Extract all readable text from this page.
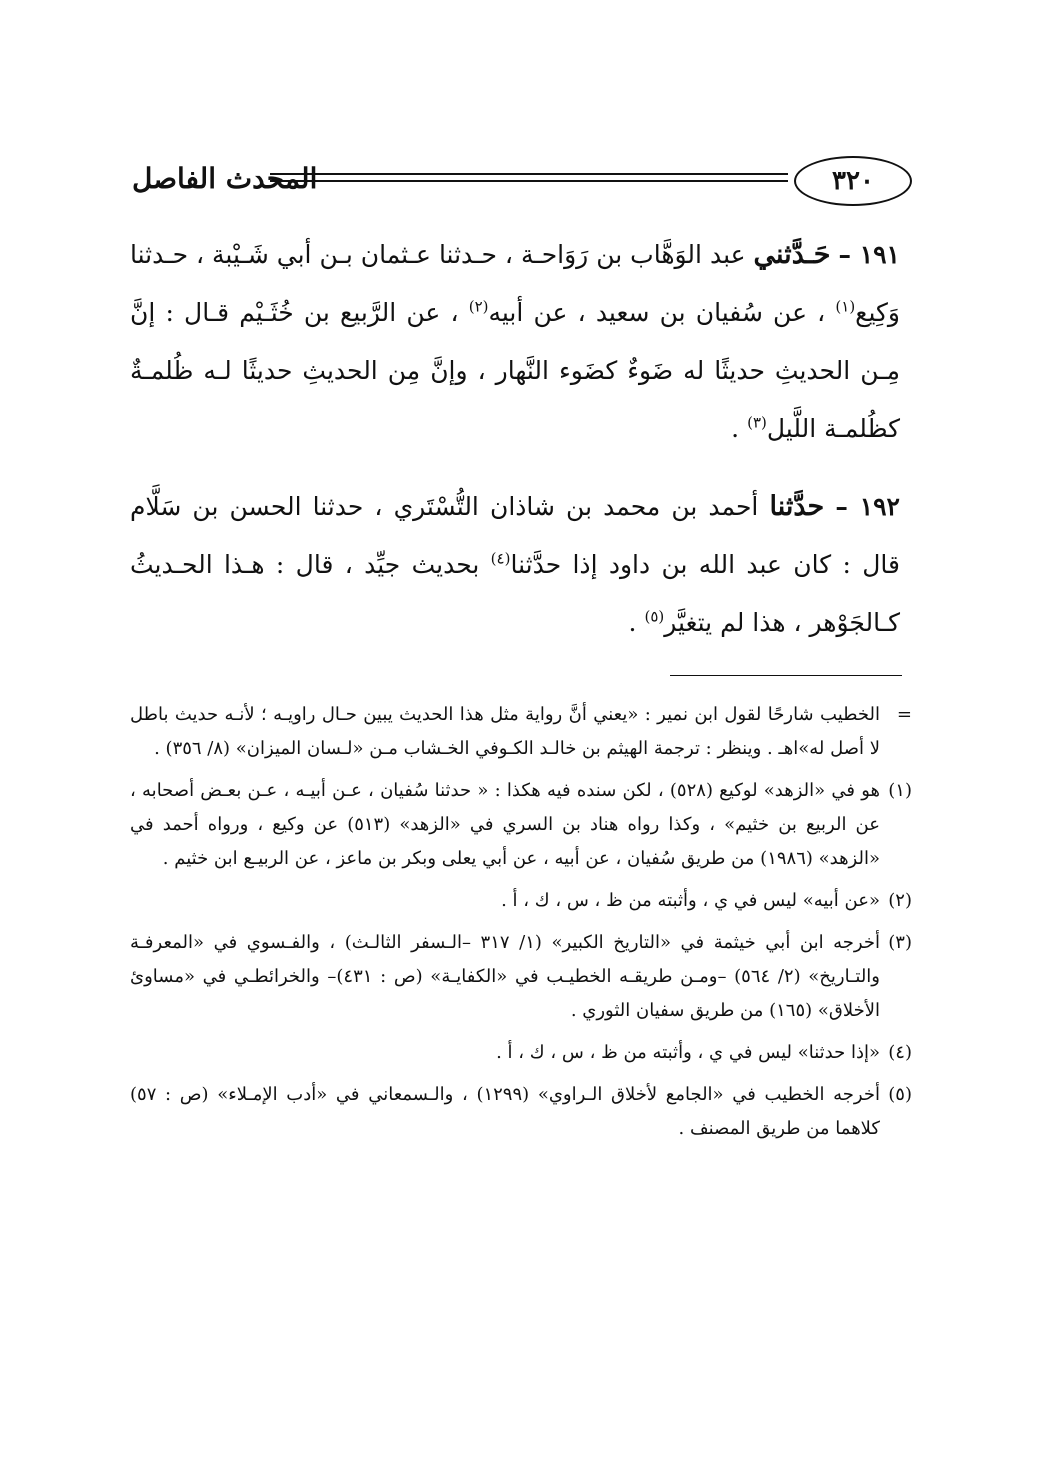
٣٢٠
المحدث الفاصل

١٩١ – حَـدَّثني عبد الوَهَّاب بن رَوَاحـة ، حـدثنا عـثمان بـن أبي شَـيْبة ، حـدثنا وَكِيع$^{(١)}$ ، عن سُفيان بن سعيد ، عن أبيه$^{(٢)}$ ، عن الرَّبيع بن خُثَـيْم قـال : إنَّ مِـن الحديثِ حديثًا له ضَوءٌ كضَوء النَّهار ، وإنَّ مِن الحديثِ حديثًا لـه ظُلمـةٌ كظُلمـة اللَّيل$^{(٣)}$ .

١٩٢ – حدَّثنا أحمد بن محمد بن شاذان التُّسْتَري ، حدثنا الحسن بن سَلَّام قال : كان عبد الله بن داود إذا حدَّثنا$^{(٤)}$ بحديث جيِّد ، قال : هـذا الحـديثُ كـالجَوْهر ، هذا لم يتغيَّر$^{(٥)}$ .

=
الخطيب شارحًا لقول ابن نمير : «يعني أنَّ رواية مثل هذا الحديث يبين حـال راويـه ؛ لأنـه حديث باطل لا أصل له»اهـ . وينظر : ترجمة الهيثم بن خالـد الكـوفي الخـشاب مـن «لـسان الميزان» (٨/ ٣٥٦) .
(١)
هو في «الزهد» لوكيع (٥٢٨) ، لكن سنده فيه هكذا : « حدثنا سُفيان ، عـن أبيـه ، عـن بعـض أصحابه ، عن الربيع بن خثيم» ، وكذا رواه هناد بن السري في «الزهد» (٥١٣) عن وكيع ، ورواه أحمد في «الزهد» (١٩٨٦) من طريق سُفيان ، عن أبيه ، عن أبي يعلى وبكر بن ماعز ، عن الربيـع ابن خثيم .
(٢)
«عن أبيه» ليس في ي ، وأثبته من ظ ، س ، ك ، أ .
(٣)
أخرجه ابن أبي خيثمة في «التاريخ الكبير» (١/ ٣١٧ –الـسفر الثالـث) ، والفـسوي في «المعرفـة والتـاريخ» (٢/ ٥٦٤) –ومـن طريقـه الخطيـب في «الكفايـة» (ص : ٤٣١)– والخرائطـي في «مساوئ الأخلاق» (١٦٥) من طريق سفيان الثوري .
(٤)
«إذا حدثنا» ليس في ي ، وأثبته من ظ ، س ، ك ، أ .
(٥)
أخرجه الخطيب في «الجامع لأخلاق الـراوي» (١٢٩٩) ، والـسمعاني في «أدب الإمـلاء» (ص : ٥٧) كلاهما من طريق المصنف .
